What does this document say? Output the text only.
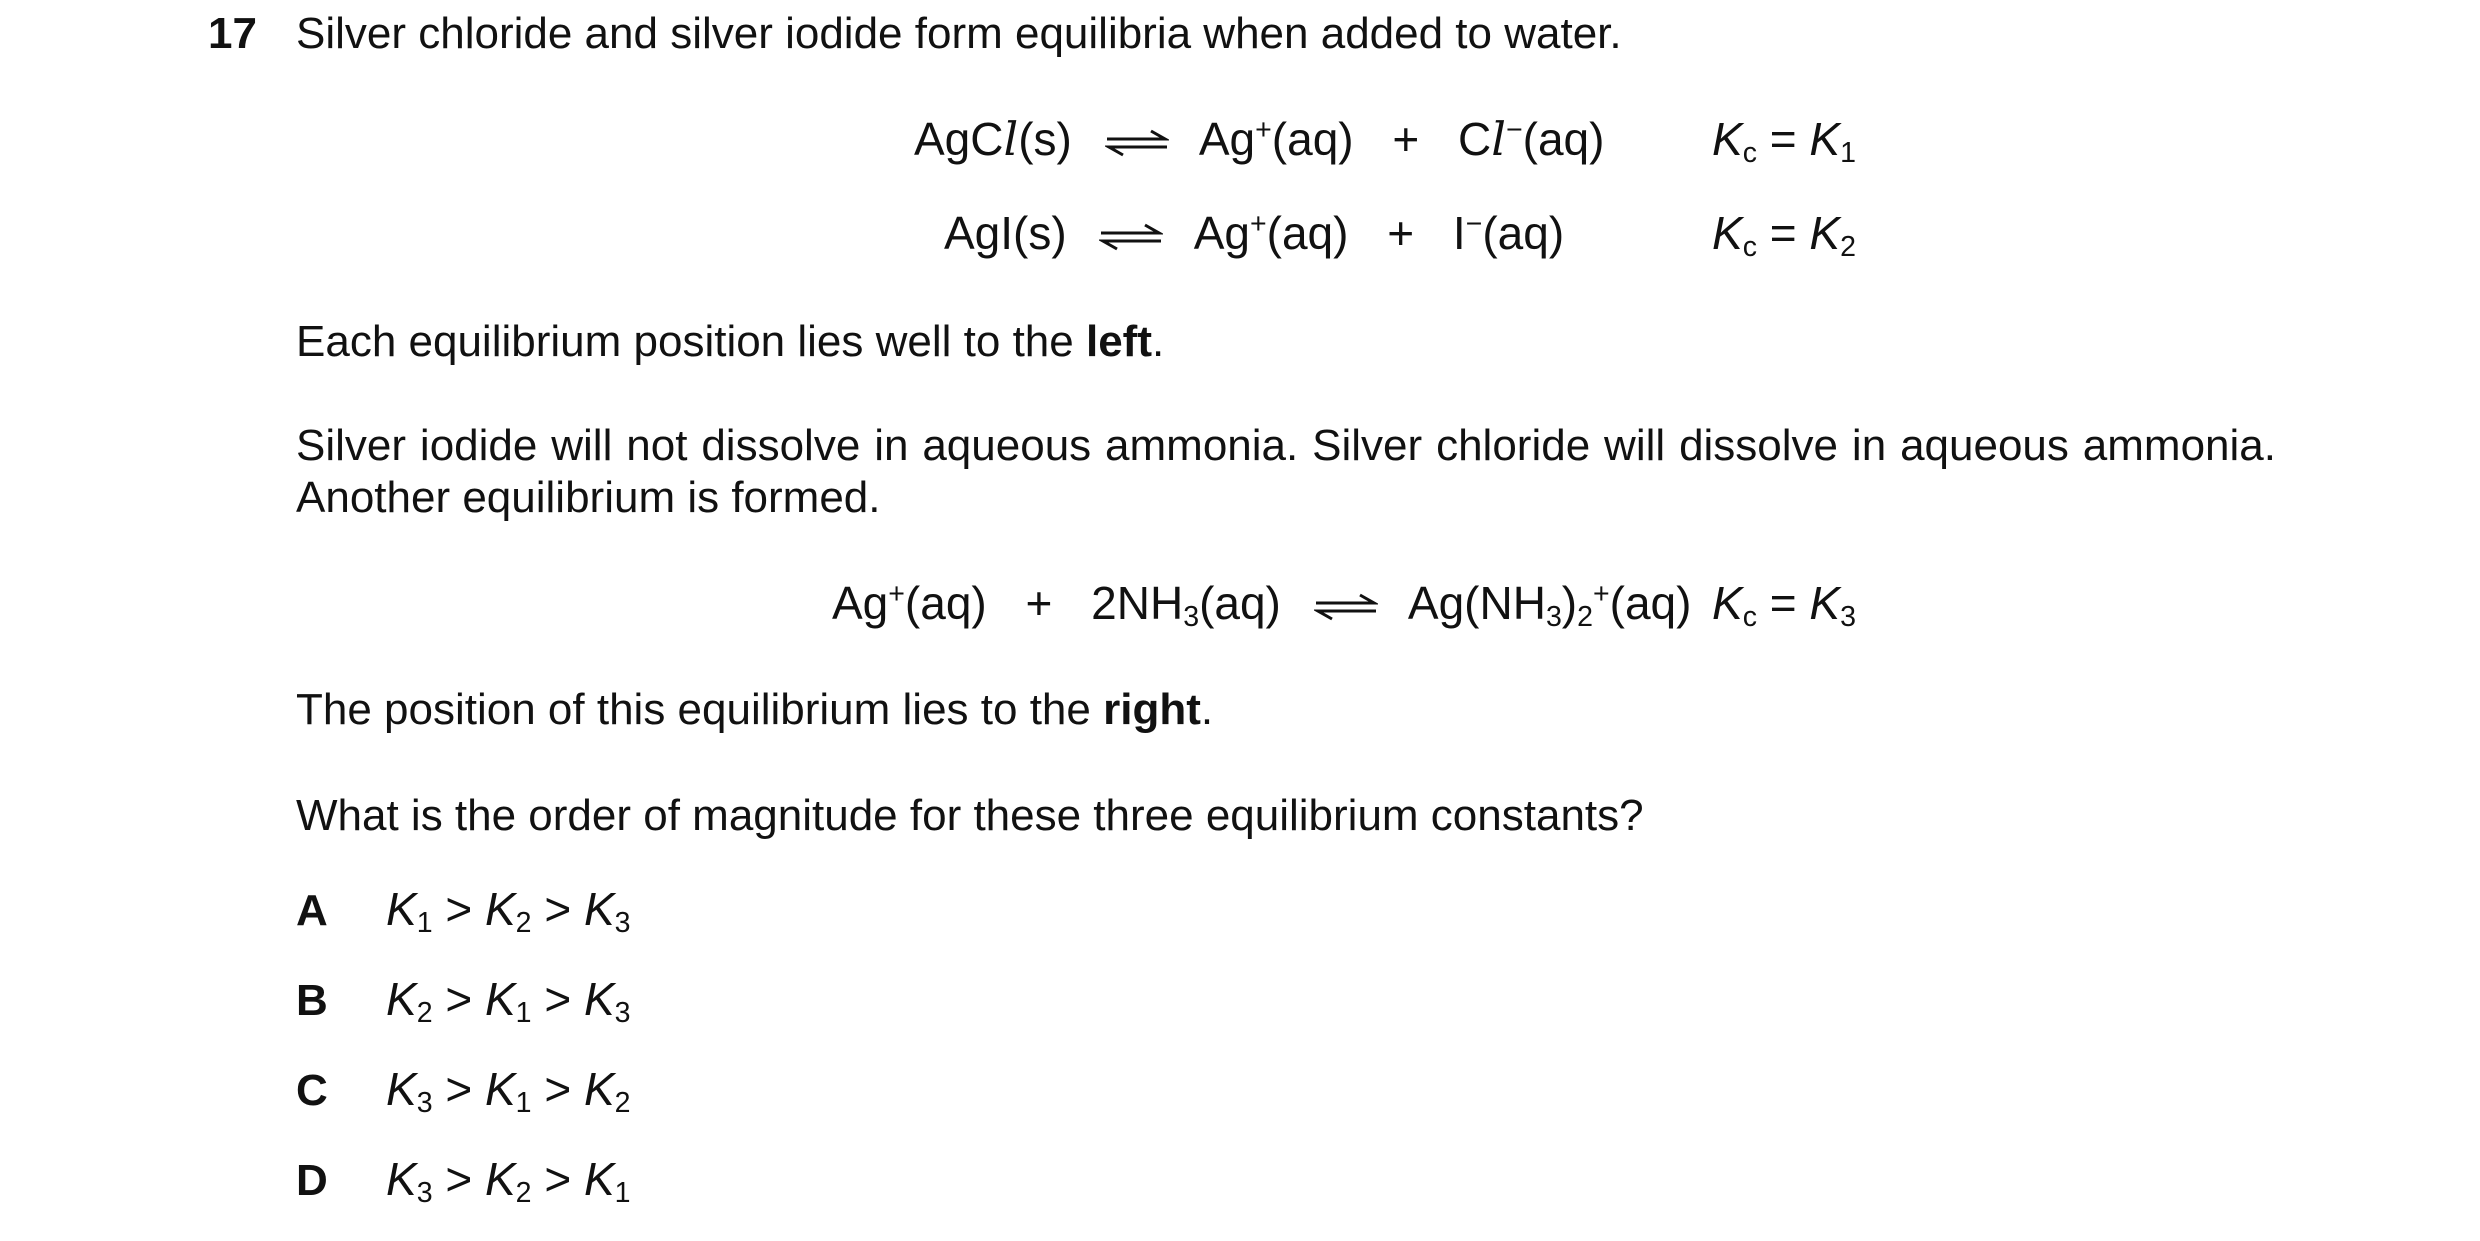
17 Silver chloride and silver iodide form equilibria when added to water.
AgCl(s) ⇌ Ag+(aq) + Cl−(aq) $K_c = K_1$
AgI(s) ⇌ Ag+(aq) + I−(aq)	$K_c = K_2$
Each equilibrium position lies well to the left.
Silver iodide will not dissolve in aqueous ammonia. Silver chloride will dissolve in aqueous ammonia. Another equilibrium is formed.
$Ag^+(aq) + 2NH_3(aq)$ ⇌ $Ag(NH_3)_2^+(aq) K_c = K_3$
The position of this equilibrium lies to the right.
What is the order of magnitude for these three equilibrium constants?
A $K_1 > K_2 > K_3$
B $K_2 > K_1 > K_3$
C $K_3 > K_1 > K_2$
D $K_3 > K_2 > K_1$
